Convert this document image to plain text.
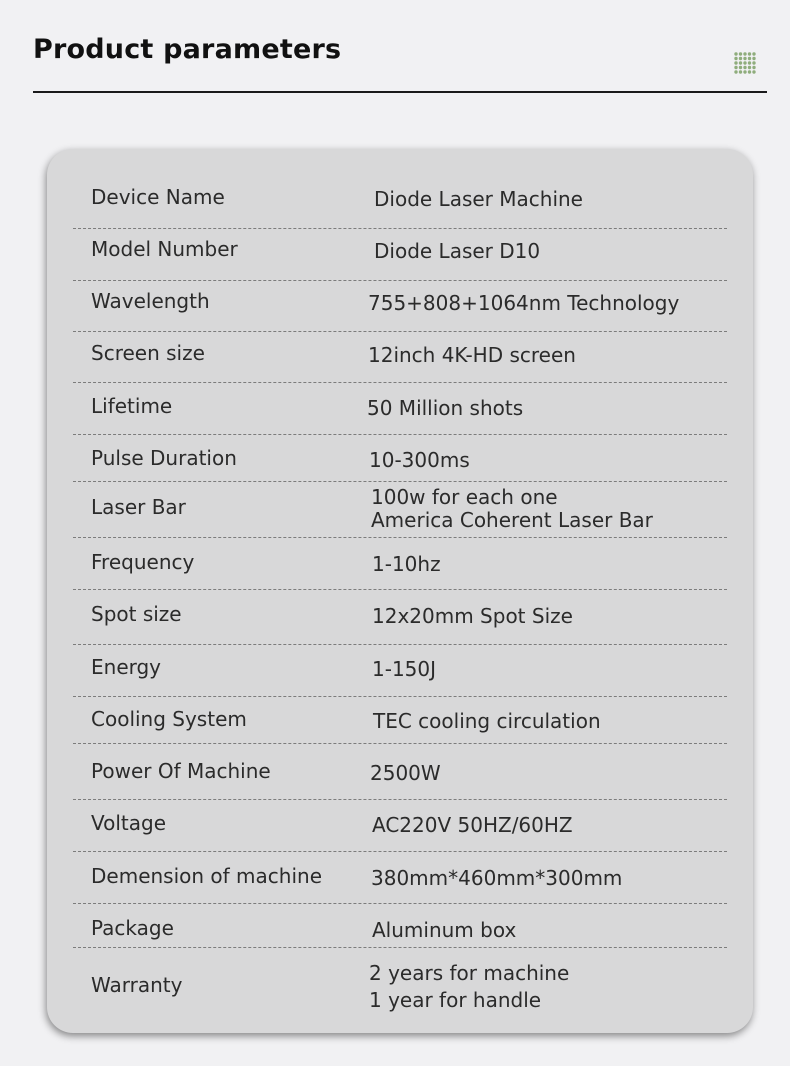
Product parameters
Device Name	Diode Laser Machine
Model Number	Diode Laser D10
Wavelength	755+808+1064nm Technology
Screen size	12inch 4K-HD screen
Lifetime	50 Million shots
Pulse Duration	10-300ms
Laser Bar	100w for each one
America Coherent Laser Bar
Frequency	1-10hz
Spot size	12x20mm Spot Size
Energy	1-150J
Cooling System	TEC cooling circulation
Power Of Machine	2500W
Voltage	AC220V 50HZ/60HZ
Demension of machine 380mm*460mm*300mm
Package	Aluminum box
Warranty	2 years for machine
1 year for handle
